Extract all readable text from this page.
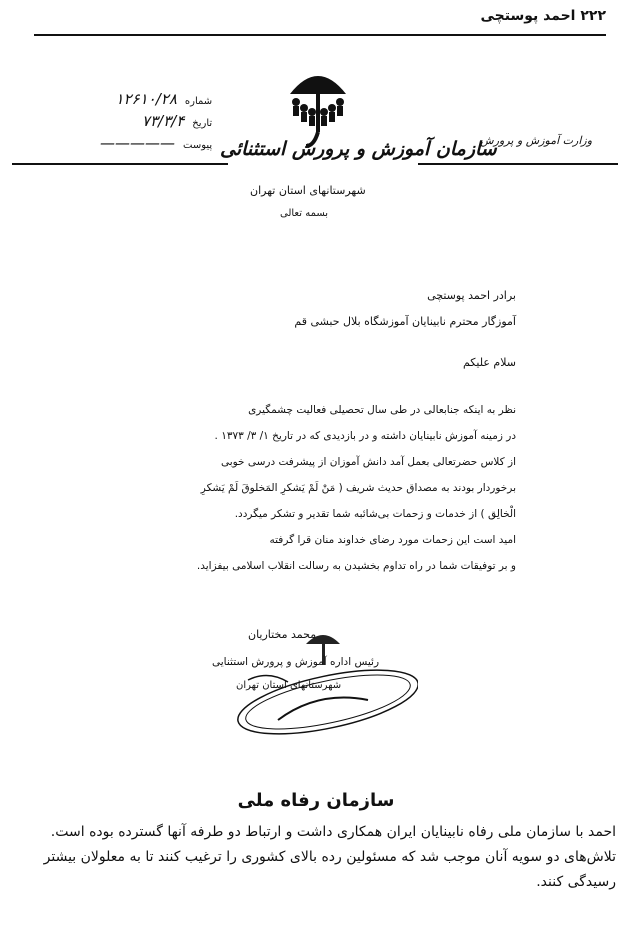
۲۲۲ احمد پوستچی
شماره
۱۲۶۱۰/۲۸
تاریخ
۷۳/۳/۴
پیوست
—————	وزارت آموزش و پرورش
سازمان آموزش و پرورش استثنائی
شهرستانهای استان تهران
بسمه تعالی
برادر احمد پوستچی
آموزگار محترم نابینایان آموزشگاه بلال حبشی قم
سلام علیکم
نظر به اینکه جنابعالی در طی سال تحصیلی فعالیت چشمگیری
در زمینه آموزش نابینایان داشته و در بازدیدی که در تاریخ ۱/ ۳/ ۱۳۷۳ .
از کلاس حضرتعالی بعمل آمد دانش آموزان از پیشرفت درسی خوبی
برخوردار بودند به مصداق حدیث شریف ( مَنْ لَمْ یَشکرِ المَخلوقَ لَمْ یَشکرِ
الْخالِق ) از خدمات و زحمات بی‌شائبه شما تقدیر و تشکر میگردد.
امید است این زحمات مورد رضای خداوند منان قرا گرفته
و بر توفیقات شما در راه تداوم بخشیدن به رسالت انقلاب اسلامی بیفزاید.
محمد مختاریان
رئیس اداره آموزش و پرورش استثنایی
شهرستانهای استان تهران
سازمان رفاه ملی
احمد با سازمان ملی رفاه نابینایان ایران همکاری داشت و ارتباط دو طرفه آنها گسترده بوده است.
تلاش‌های دو سویه آنان موجب شد که مسئولین رده بالای کشوری را ترغیب کنند تا به معلولان بیشتر
رسیدگی کنند.
